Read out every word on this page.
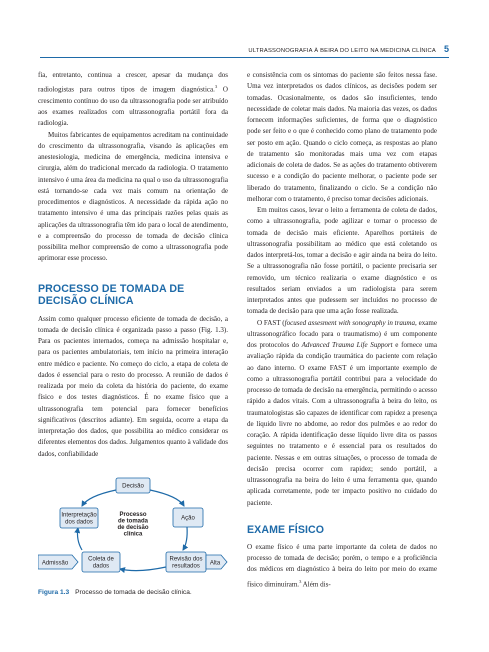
ULTRASSONOGRAFIA À BEIRA DO LEITO NA MEDICINA CLÍNICA 5

fia, entretanto, continua a crescer, apesar da mudança dos radiologistas para outros tipos de imagem diagnóstica.$^3$ O crescimento contínuo do uso da ultrassonografia pode ser atribuído aos exames realizados com ultrassonografia portátil fora da radiologia.

Muitos fabricantes de equipamentos acreditam na continuidade do crescimento da ultrassonografia, visando às aplicações em anestesiologia, medicina de emergência, medicina intensiva e cirurgia, além do tradicional mercado da radiologia. O tratamento intensivo é uma área da medicina na qual o uso da ultrassonografia está tornando-se cada vez mais comum na orientação de procedimentos e diagnósticos. A necessidade da rápida ação no tratamento intensivo é uma das principais razões pelas quais as aplicações da ultrassonografia têm ido para o local de atendimento, e a compreensão do processo de tomada de decisão clínica possibilita melhor compreensão de como a ultrassonografia pode aprimorar esse processo.

PROCESSO DE TOMADA DE DECISÃO CLÍNICA

Assim como qualquer processo eficiente de tomada de decisão, a tomada de decisão clínica é organizada passo a passo (Fig. 1.3). Para os pacientes internados, começa na admissão hospitalar e, para os pacientes ambulatoriais, tem início na primeira interação entre médico e paciente. No começo do ciclo, a etapa de coleta de dados é essencial para o resto do processo. A reunião de dados é realizada por meio da coleta da história do paciente, do exame físico e dos testes diagnósticos. É no exame físico que a ultrassonografia tem potencial para fornecer benefícios significativos (descritos adiante). Em seguida, ocorre a etapa da interpretação dos dados, que possibilita ao médico considerar os diferentes elementos dos dados. Julgamentos quanto à validade dos dados, confiabilidade

Decisão
Interpretação
dos dados
Ação
Processo
de tomada
de decisão
clínica
Coleta de
dados
Revisão dos
resultados
Admissão	Alta

Figura 1.3 Processo de tomada de decisão clínica.

e consistência com os sintomas do paciente são feitos nessa fase. Uma vez interpretados os dados clínicos, as decisões podem ser tomadas. Ocasionalmente, os dados são insuficientes, tendo necessidade de coletar mais dados. Na maioria das vezes, os dados fornecem informações suficientes, de forma que o diagnóstico pode ser feito e o que é conhecido como plano de tratamento pode ser posto em ação. Quando o ciclo começa, as respostas ao plano de tratamento são monitoradas mais uma vez com etapas adicionais de coleta de dados. Se as ações do tratamento obtiverem sucesso e a condição do paciente melhorar, o paciente pode ser liberado do tratamento, finalizando o ciclo. Se a condição não melhorar com o tratamento, é preciso tomar decisões adicionais.

Em muitos casos, levar o leito a ferramenta de coleta de dados, como a ultrassonografia, pode agilizar e tornar o processo de tomada de decisão mais eficiente. Aparelhos portáteis de ultrassonografia possibilitam ao médico que está coletando os dados interpretá-los, tomar a decisão e agir ainda na beira do leito. Se a ultrassonografia não fosse portátil, o paciente precisaria ser removido, um técnico realizaria o exame diagnóstico e os resultados seriam enviados a um radiologista para serem interpretados antes que pudessem ser incluídos no processo de tomada de decisão para que uma ação fosse realizada.

O FAST (focused assesment with sonography in trauma, exame ultrassonográfico focado para o traumatismo) é um componente dos protocolos do Advanced Trauma Life Support e fornece uma avaliação rápida da condição traumática do paciente com relação ao dano interno. O exame FAST é um importante exemplo de como a ultrassonografia portátil contribui para a velocidade do processo de tomada de decisão na emergência, permitindo o acesso rápido a dados vitais. Com a ultrassonografia à beira do leito, os traumatologistas são capazes de identificar com rapidez a presença de líquido livre no abdome, ao redor dos pulmões e ao redor do coração. A rápida identificação desse líquido livre dita os passos seguintes no tratamento e é essencial para os resultados do paciente. Nessas e em outras situações, o processo de tomada de decisão precisa ocorrer com rapidez; sendo portátil, a ultrassonografia na beira do leito é uma ferramenta que, quando aplicada corretamente, pode ter impacto positivo no cuidado do paciente.

EXAME FÍSICO

O exame físico é uma parte importante da coleta de dados no processo de tomada de decisão; porém, o tempo e a proficiência dos médicos em diagnóstico à beira do leito por meio do exame físico diminuíram.$^3$ Além dis-
